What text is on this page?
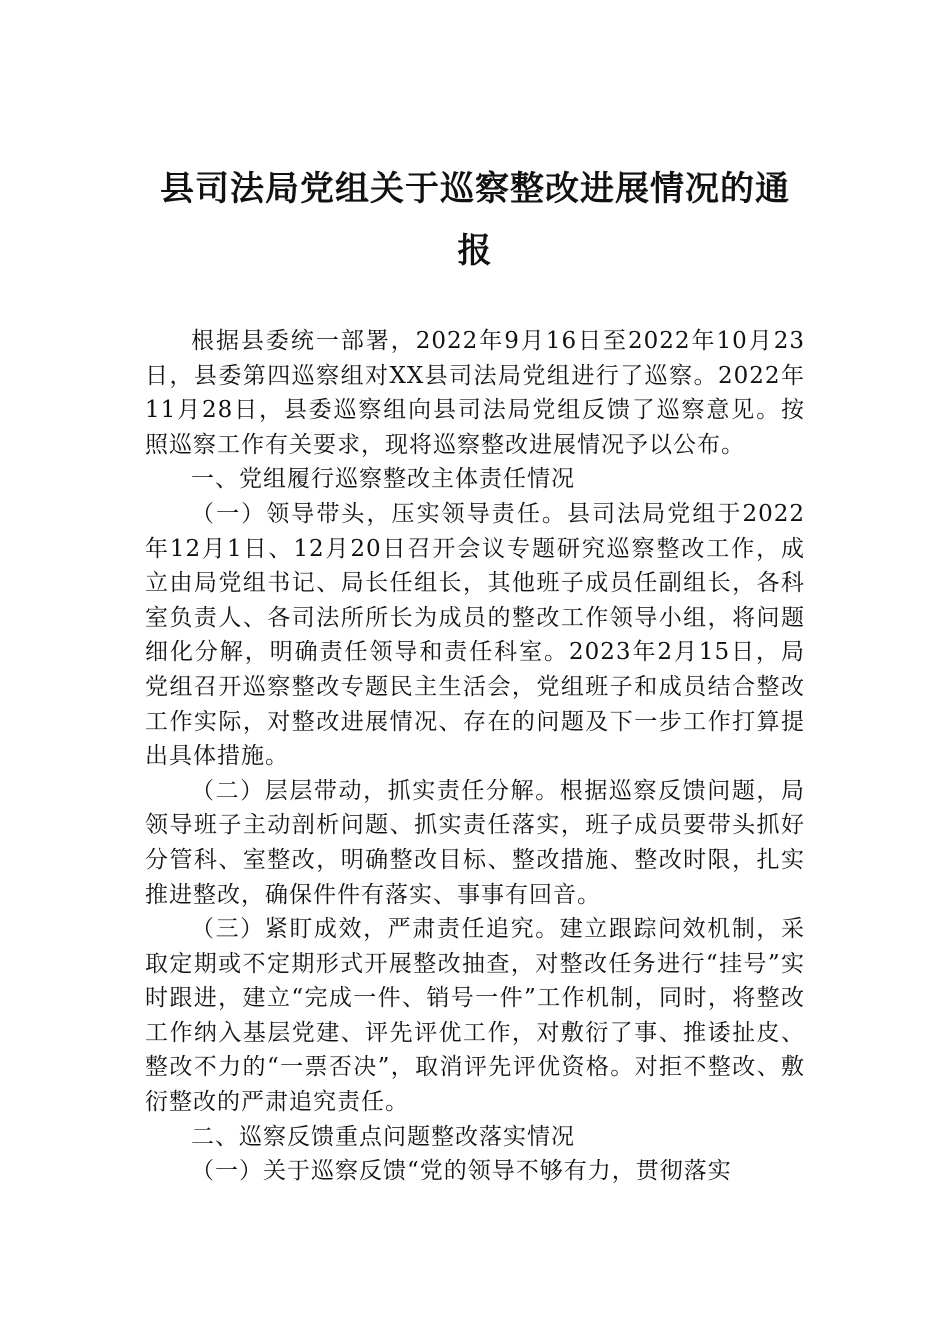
县司法局党组关于巡察整改进展情况的通报

根据县委统一部署，2022年9月16日至2022年10月23日，县委第四巡察组对XX县司法局党组进行了巡察。2022年11月28日，县委巡察组向县司法局党组反馈了巡察意见。按照巡察工作有关要求，现将巡察整改进展情况予以公布。

一、党组履行巡察整改主体责任情况

（一）领导带头，压实领导责任。县司法局党组于2022年12月1日、12月20日召开会议专题研究巡察整改工作，成立由局党组书记、局长任组长，其他班子成员任副组长，各科室负责人、各司法所所长为成员的整改工作领导小组，将问题细化分解，明确责任领导和责任科室。2023年2月15日，局党组召开巡察整改专题民主生活会，党组班子和成员结合整改工作实际，对整改进展情况、存在的问题及下一步工作打算提出具体措施。

（二）层层带动，抓实责任分解。根据巡察反馈问题，局领导班子主动剖析问题、抓实责任落实，班子成员要带头抓好分管科、室整改，明确整改目标、整改措施、整改时限，扎实推进整改，确保件件有落实、事事有回音。

（三）紧盯成效，严肃责任追究。建立跟踪问效机制，采取定期或不定期形式开展整改抽查，对整改任务进行“挂号”实时跟进，建立“完成一件、销号一件”工作机制，同时，将整改工作纳入基层党建、评先评优工作，对敷衍了事、推诿扯皮、整改不力的“一票否决”，取消评先评优资格。对拒不整改、敷衍整改的严肃追究责任。

二、巡察反馈重点问题整改落实情况

（一）关于巡察反馈“党的领导不够有力，贯彻落实
